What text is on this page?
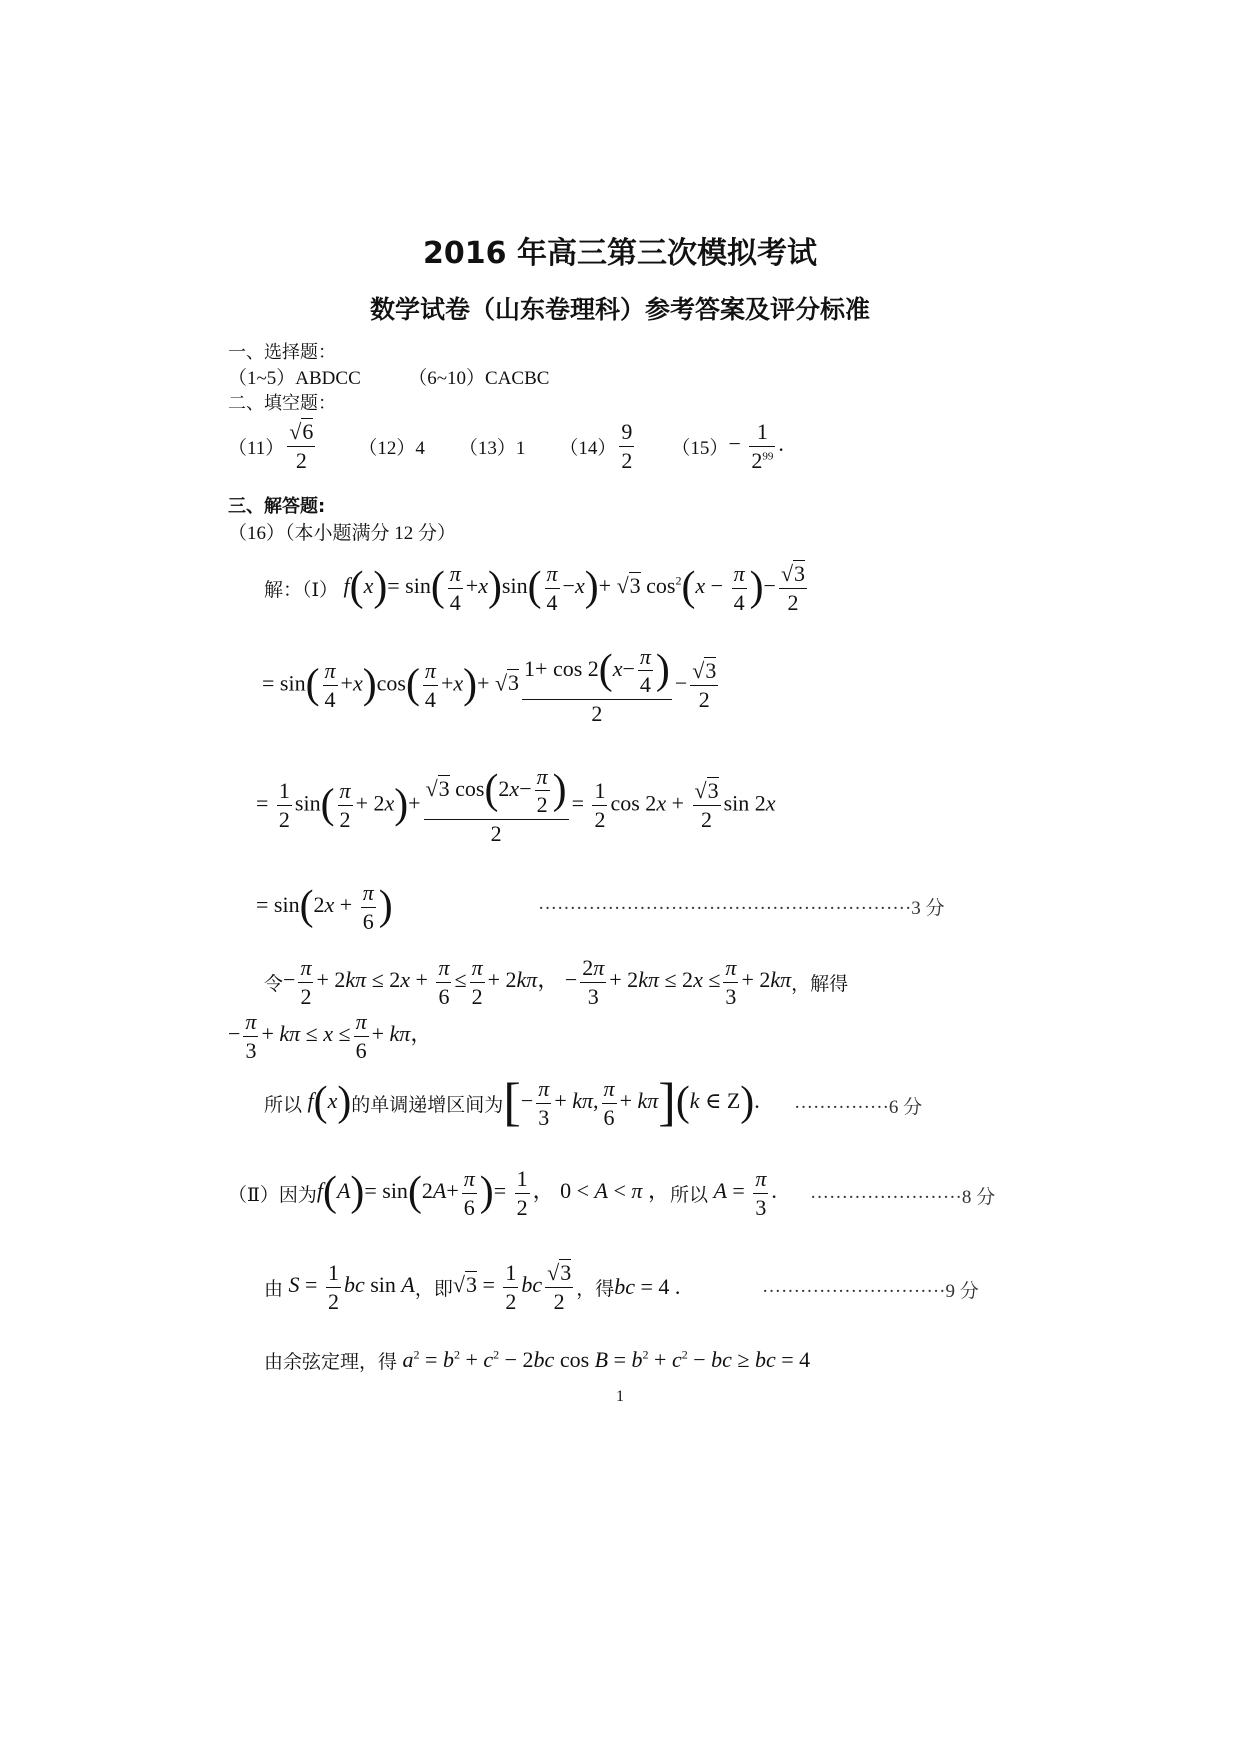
2016 年高三第三次模拟考试
数学试卷（山东卷理科）参考答案及评分标准
一、选择题：
（1~5）ABDCC　　　（6~10）CACBC
二、填空题：
$(11) \frac{√6}{2} (12)4$ （13）1 $(14) \frac{9}{2} (15) - \frac{1}{2^{99}}$ .
三、解答题:
（16）（本小题满分 12 分）
解：（Ⅰ） $f(x)= \sin( \frac{\pi}{4} +x)\sin( \frac{\pi}{4} -x)+ √3$ $\cos^2(x - \frac{\pi}{4}$ )− $\frac{√3}{2}$
= $\sin( \frac{\pi}{4} +x)\cos( \frac{\pi}{4} +x)+ √3 \frac{1+ \cos 2(x- \frac{\pi}{4} )}{2} - \frac{√3}{2}$
= $\frac{1}{2} \sin( \frac{\pi}{2} + 2x)+ \frac{√3 \cos(2x- \frac{\pi}{2} )}{2} = \frac{1}{2}$ $\cos 2x + \frac{√3}{2}$ sin 2x
= $\sin(2x + \frac{\pi}{6}$ )	···························································3 分
令 − $\frac{\pi}{2} + 2k\pi \le 2x + \frac{\pi}{6} \le \frac{\pi}{2} + 2k\pi$， − $\frac{2\pi}{3} + 2k\pi \le 2x \le \frac{\pi}{3} + 2k\pi$ ，解得
− $\frac{\pi}{3} + k\pi \le x \le \frac{\pi}{6} + k\pi$，
所以 f(x) 的单调递增区间为 [− $\frac{\pi}{3} + k\pi$, $\frac{\pi}{6} + k\pi](k$ ∈ Z). ···············6 分
（Ⅱ）因为 $f(A)= \sin(2A+ \frac{\pi}{6}$ )= $\frac{1}{2}$ ， 0 < A < π ， 所以 $A = \frac{\pi}{3}$ . ························8 分
由 $S = \frac{1}{2}$ bc sin A ，即 $√3 = \frac{1}{2}$ bc $\frac{√3}{2}$ ，得 bc = 4 .	·····························9 分
由余弦定理，得 $a^2 = b^2 + c^2 - 2bc$ $\cos B = b^2 + c^2$ − bc ≥ bc = 4
1
